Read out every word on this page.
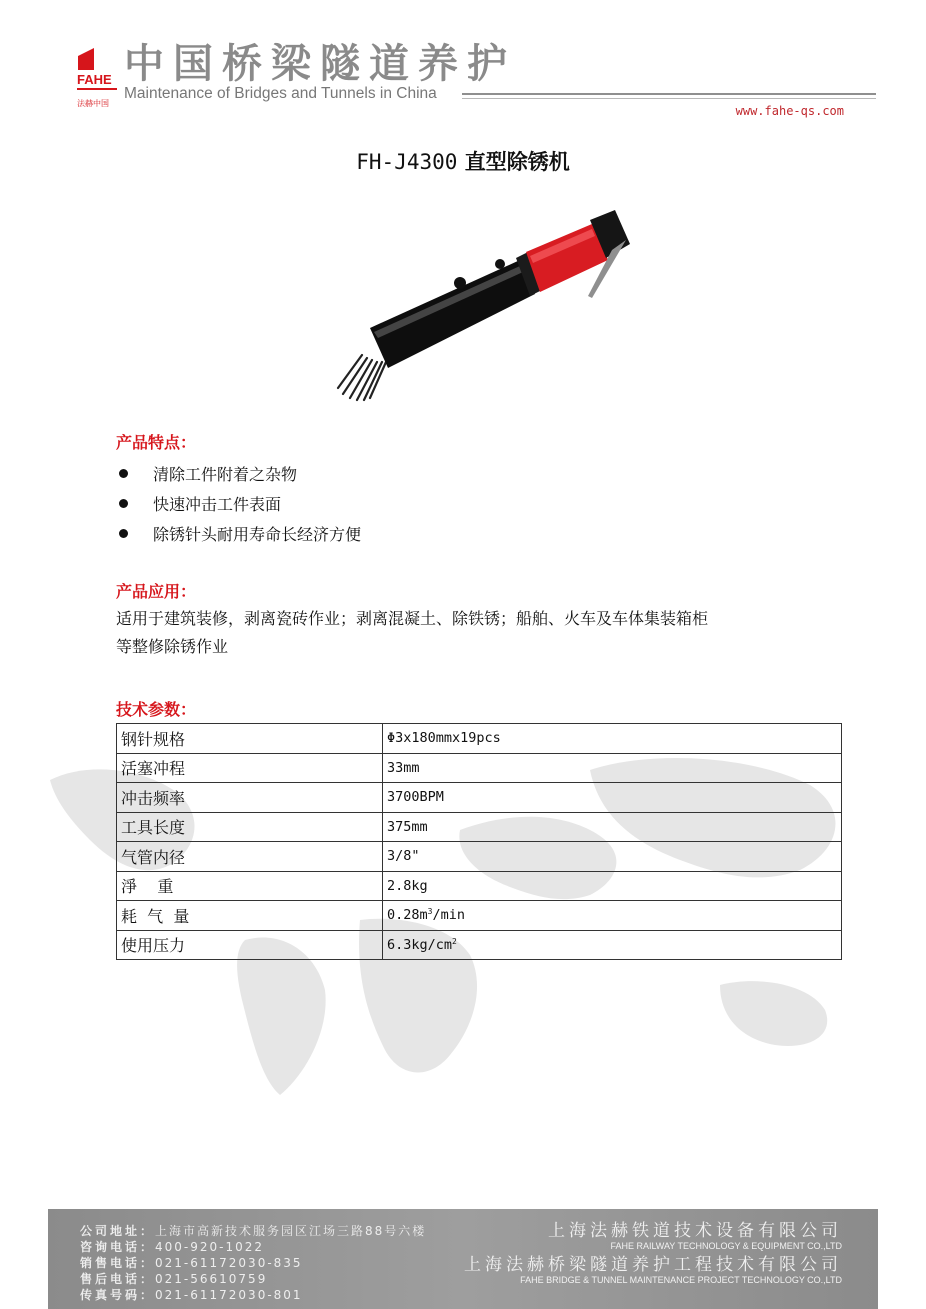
FAHE
法赫中国
中国桥梁隧道养护
Maintenance of Bridges and Tunnels in China
www.fahe-qs.com
FH-J4300 直型除锈机
产品特点：
清除工件附着之杂物
快速冲击工件表面
除锈针头耐用寿命长经济方便
产品应用：
适用于建筑装修，剥离瓷砖作业；剥离混凝土、除铁锈；船舶、火车及车体集装箱柜
等整修除锈作业
技术参数：
钢针规格	Φ3x180mmx19pcs
活塞冲程	33mm
冲击频率	3700BPM
工具长度	375mm
气管内径	3/8"
淨    重	2.8kg
耗  气  量	$0.28m^3/\min$
使用压力	$6.3kg/cm^2$
公司地址：上海市高新技术服务园区江场三路88号六楼
咨询电话：400-920-1022
销售电话：021-61172030-835
售后电话：021-56610759
传真号码：021-61172030-801
上海法赫铁道技术设备有限公司
FAHE RAILWAY TECHNOLOGY & EQUIPMENT CO.,LTD
上海法赫桥梁隧道养护工程技术有限公司
FAHE BRIDGE & TUNNEL MAINTENANCE PROJECT TECHNOLOGY CO.,LTD
